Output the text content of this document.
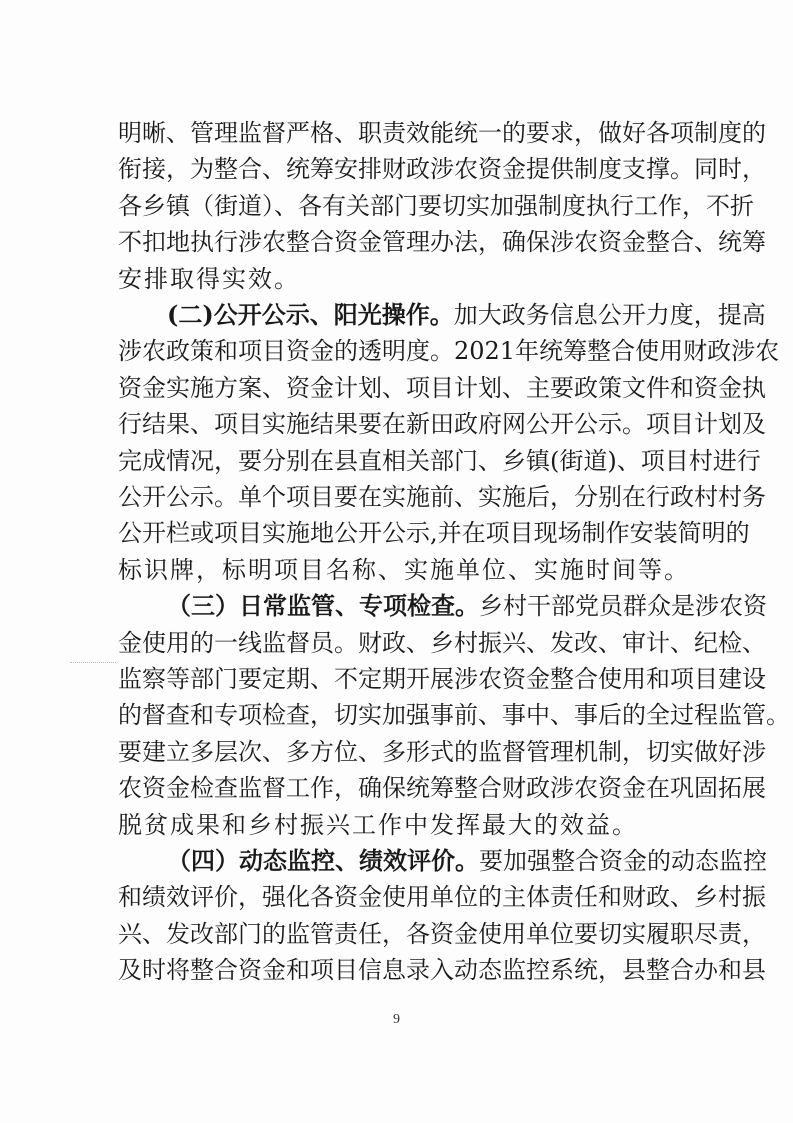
明晰、管理监督严格、职责效能统一的要求，做好各项制度的
衔接，为整合、统筹安排财政涉农资金提供制度支撑。同时，
各乡镇（街道）、各有关部门要切实加强制度执行工作，不折
不扣地执行涉农整合资金管理办法，确保涉农资金整合、统筹
安排取得实效。
(二)公开公示、阳光操作。加大政务信息公开力度，提高
涉农政策和项目资金的透明度。2021年统筹整合使用财政涉农
资金实施方案、资金计划、项目计划、主要政策文件和资金执
行结果、项目实施结果要在新田政府网公开公示。项目计划及
完成情况，要分别在县直相关部门、乡镇(街道)、项目村进行
公开公示。单个项目要在实施前、实施后，分别在行政村村务
公开栏或项目实施地公开公示,并在项目现场制作安装简明的
标识牌，标明项目名称、实施单位、实施时间等。
（三）日常监管、专项检查。乡村干部党员群众是涉农资
金使用的一线监督员。财政、乡村振兴、发改、审计、纪检、
监察等部门要定期、不定期开展涉农资金整合使用和项目建设
的督查和专项检查，切实加强事前、事中、事后的全过程监管。
要建立多层次、多方位、多形式的监督管理机制，切实做好涉
农资金检查监督工作，确保统筹整合财政涉农资金在巩固拓展
脱贫成果和乡村振兴工作中发挥最大的效益。
（四）动态监控、绩效评价。要加强整合资金的动态监控
和绩效评价，强化各资金使用单位的主体责任和财政、乡村振
兴、发改部门的监管责任，各资金使用单位要切实履职尽责，
及时将整合资金和项目信息录入动态监控系统，县整合办和县
9
